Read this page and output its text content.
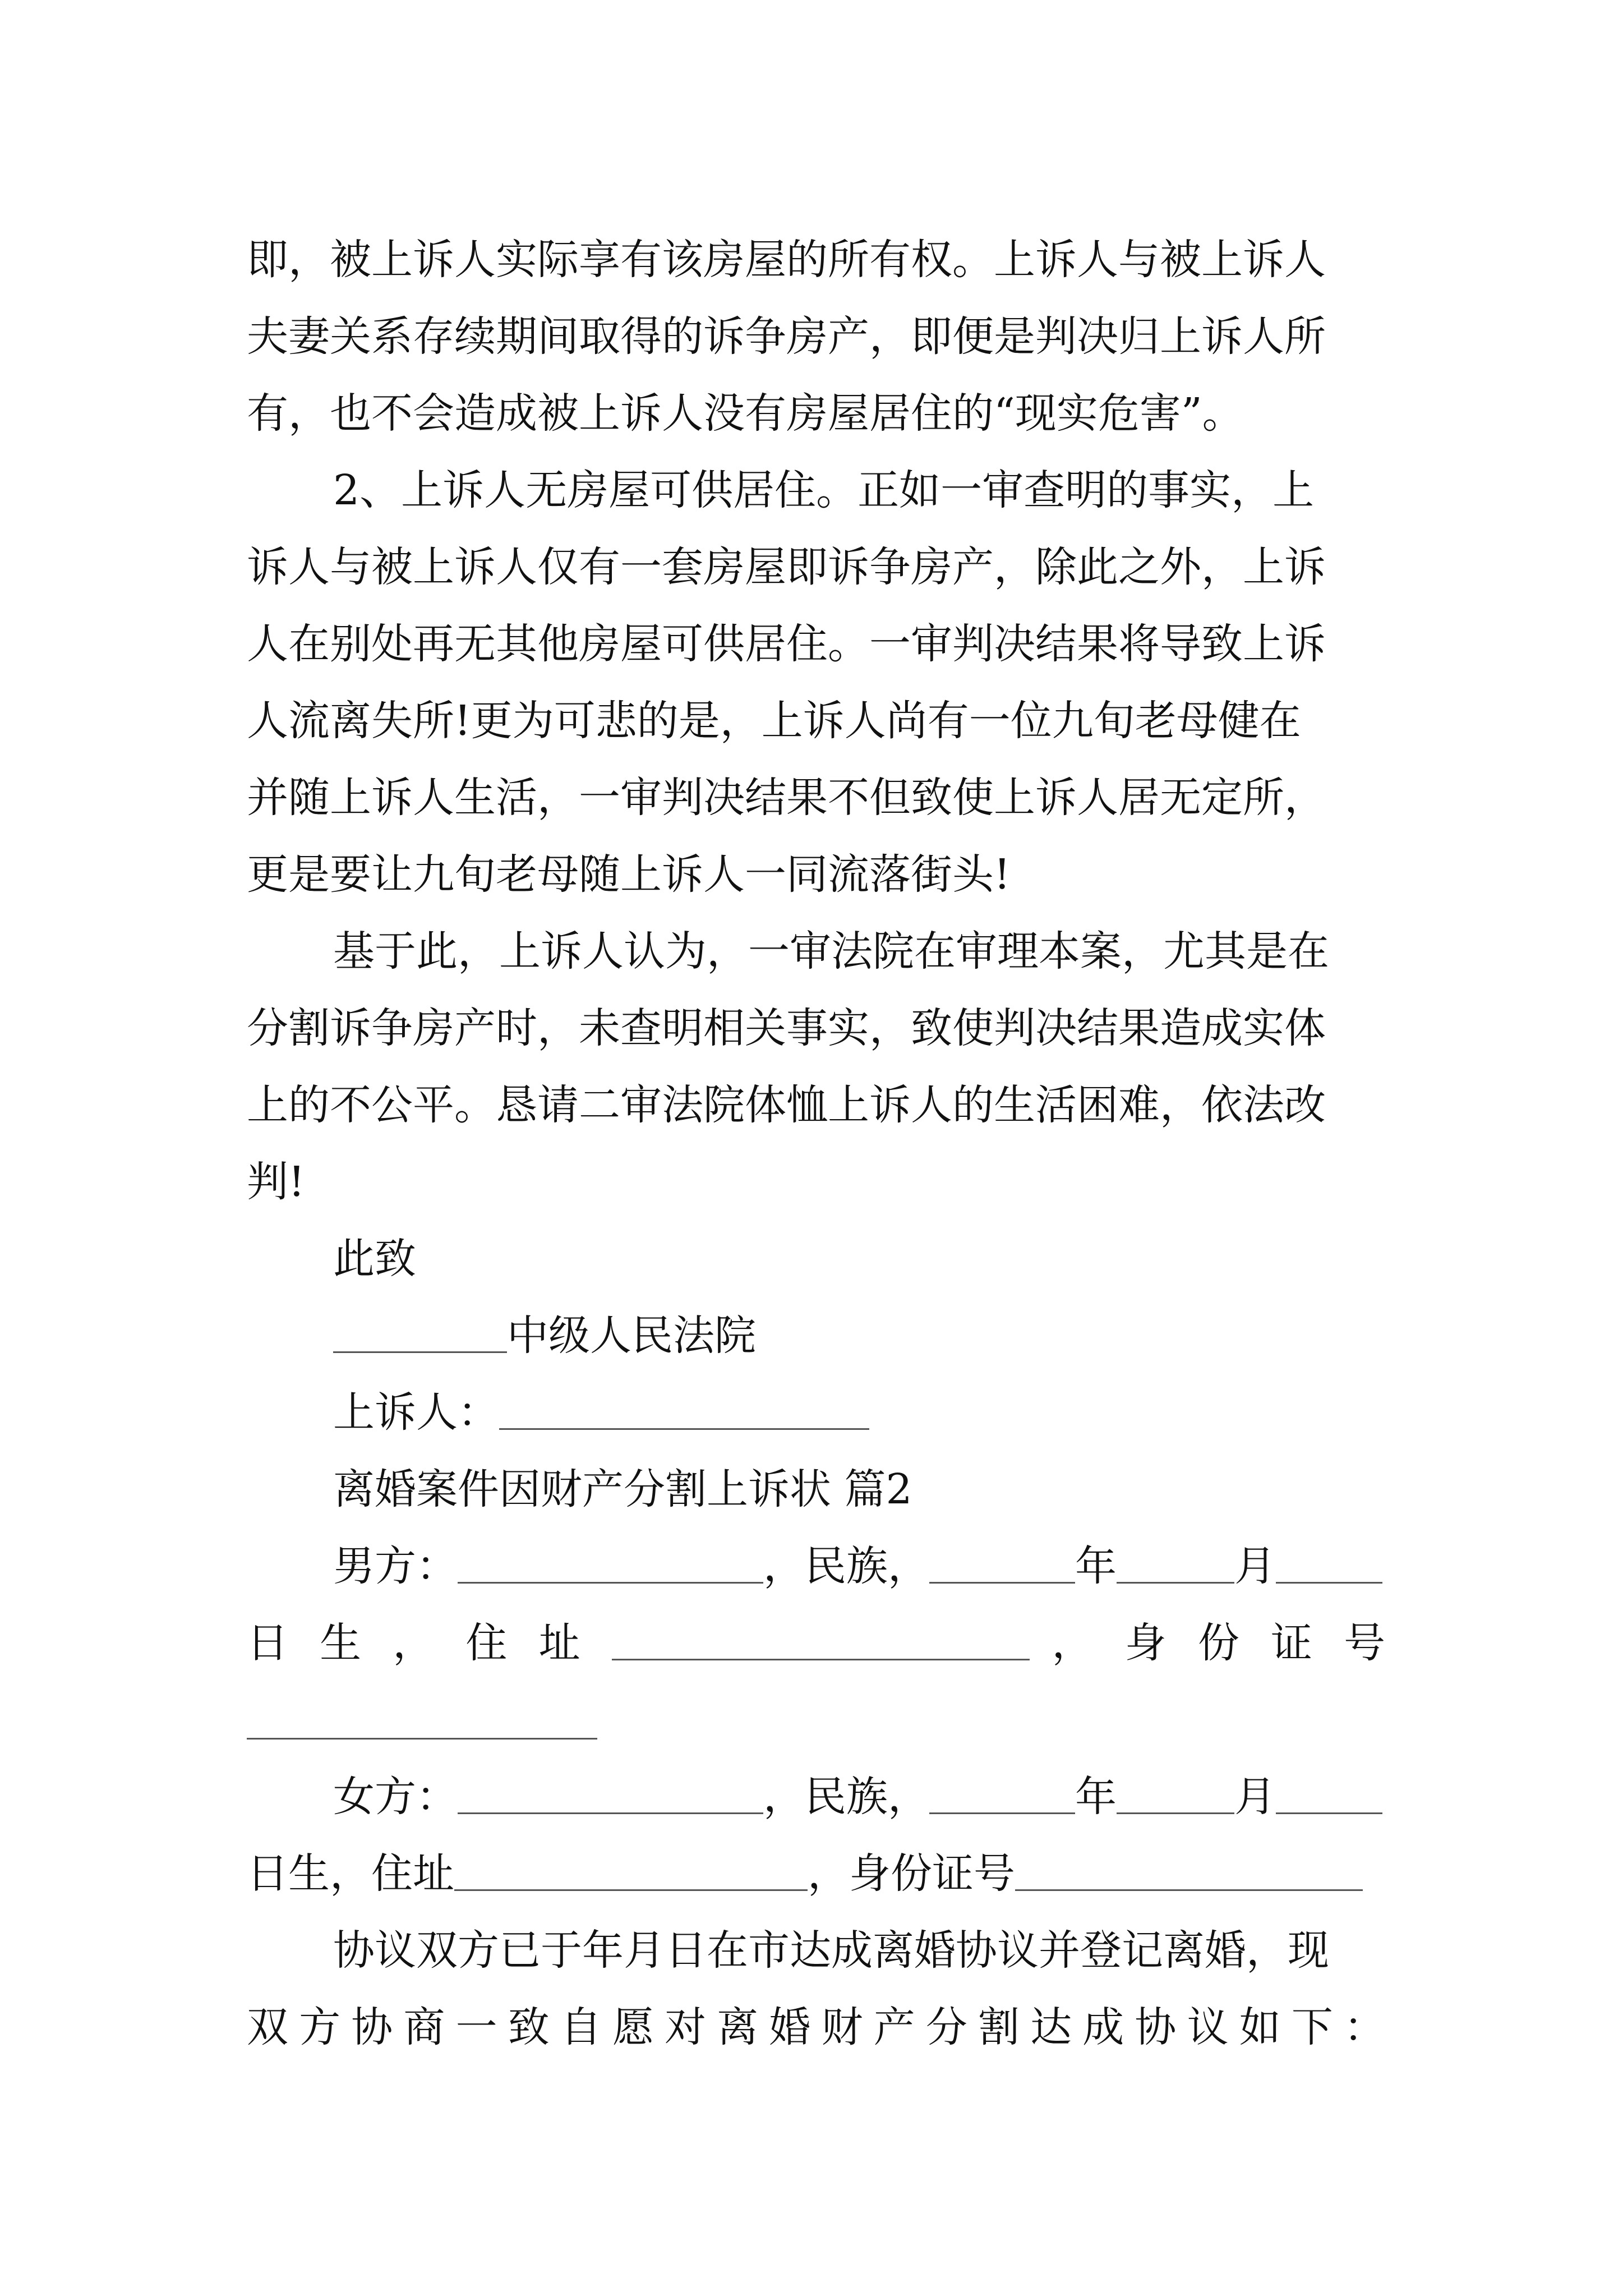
即，被上诉人实际享有该房屋的所有权。上诉人与被上诉人
夫妻关系存续期间取得的诉争房产，即便是判决归上诉人所
有，也不会造成被上诉人没有房屋居住的“现实危害”。
2、上诉人无房屋可供居住。正如一审查明的事实，上
诉人与被上诉人仅有一套房屋即诉争房产，除此之外，上诉
人在别处再无其他房屋可供居住。一审判决结果将导致上诉
人流离失所!更为可悲的是，上诉人尚有一位九旬老母健在
并随上诉人生活，一审判决结果不但致使上诉人居无定所，
更是要让九旬老母随上诉人一同流落街头!
基于此，上诉人认为，一审法院在审理本案，尤其是在
分割诉争房产时，未查明相关事实，致使判决结果造成实体
上的不公平。恳请二审法院体恤上诉人的生活困难，依法改
判!
此致
中级人民法院
上诉人：
离婚案件因财产分割上诉状 篇2
男方：	，民族，	年	月
日 生 ， 住 址	， 身 份 证 号
女方：	，民族，	年	月
日生，住址	，身份证号
协议双方已于年月日在市达成离婚协议并登记离婚，现
双方协商一致自愿对离婚财产分割达成协议如下：
